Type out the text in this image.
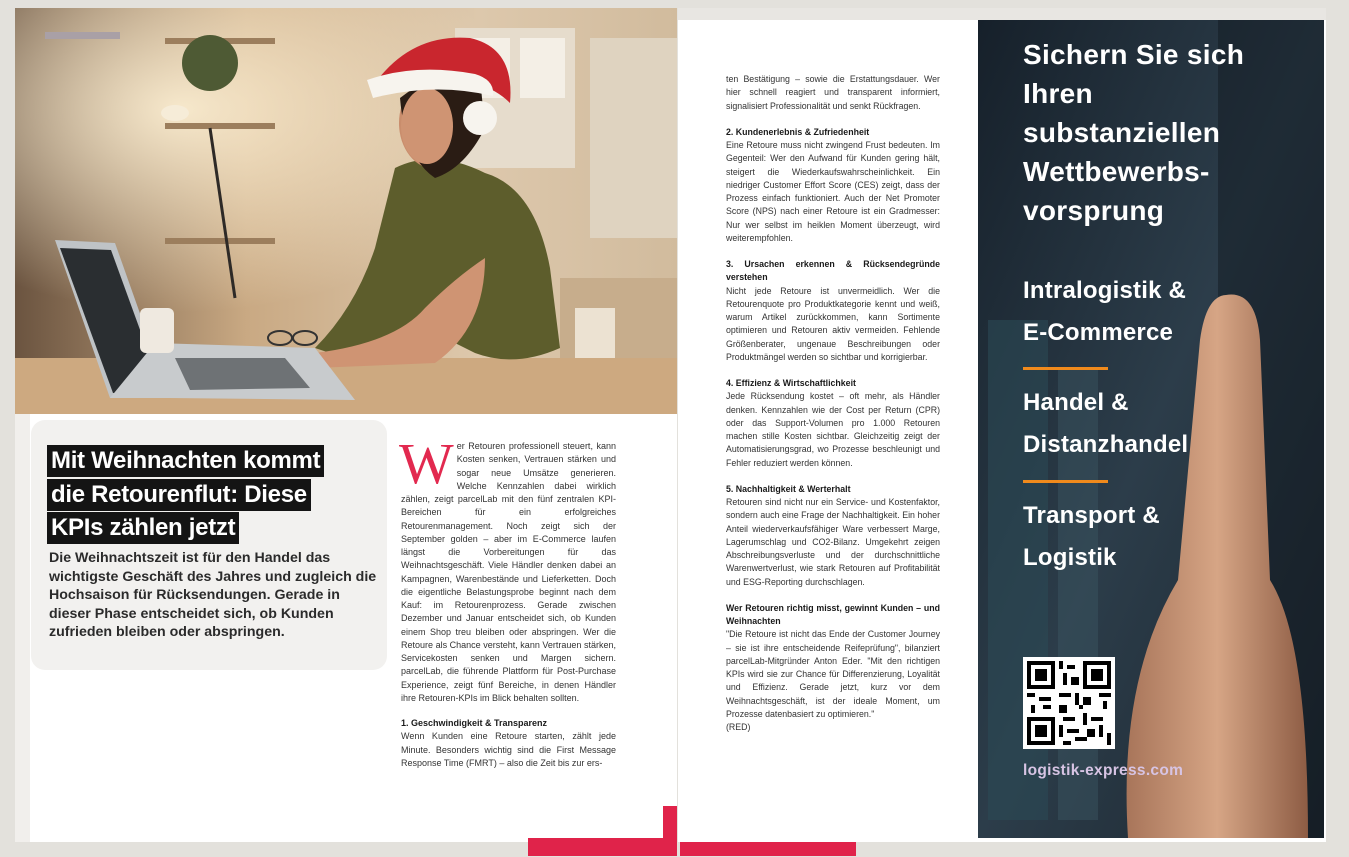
Mit Weihnachten kommt
die Retourenflut: Diese
KPIs zählen jetzt
Die Weihnachtszeit ist für den Handel das wichtigste Geschäft des Jahres und zugleich die Hochsaison für Rücksendungen. Gerade in dieser Phase entscheidet sich, ob Kunden zufrieden bleiben oder abspringen.
Wer Retouren professionell steuert, kann Kosten senken, Vertrauen stärken und sogar neue Umsätze generieren. Welche Kennzahlen dabei wirklich zählen, zeigt parcelLab mit den fünf zentralen KPI-Bereichen für ein erfolgreiches Retourenmanagement. Noch zeigt sich der September golden – aber im E-Commerce laufen längst die Vorbereitungen für das Weihnachtsgeschäft. Viele Händler denken dabei an Kampagnen, Warenbestände und Lieferketten. Doch die eigentliche Belastungsprobe beginnt nach dem Kauf: im Retourenprozess. Gerade zwischen Dezember und Januar entscheidet sich, ob Kunden einem Shop treu bleiben oder abspringen. Wer die Retoure als Chance versteht, kann Vertrauen stärken, Servicekosten senken und Margen sichern. parcelLab, die führende Plattform für Post-Purchase Experience, zeigt fünf Bereiche, in denen Händler ihre Retouren-KPIs im Blick behalten sollten.

1. Geschwindigkeit & Transparenz

Wenn Kunden eine Retoure starten, zählt jede Minute. Besonders wichtig sind die First Message Response Time (FMRT) – also die Zeit bis zur ers-

ten Bestätigung – sowie die Erstattungsdauer. Wer hier schnell reagiert und transparent informiert, signalisiert Professionalität und senkt Rückfragen.

2. Kundenerlebnis & Zufriedenheit

Eine Retoure muss nicht zwingend Frust bedeuten. Im Gegenteil: Wer den Aufwand für Kunden gering hält, steigert die Wiederkaufswahrscheinlichkeit. Ein niedriger Customer Effort Score (CES) zeigt, dass der Prozess einfach funktioniert. Auch der Net Promoter Score (NPS) nach einer Retoure ist ein Gradmesser: Nur wer selbst im heiklen Moment überzeugt, wird weiterempfohlen.

3. Ursachen erkennen & Rücksendegründe verstehen

Nicht jede Retoure ist unvermeidlich. Wer die Retourenquote pro Produktkategorie kennt und weiß, warum Artikel zurückkommen, kann Sortimente optimieren und Retouren aktiv vermeiden. Fehlende Größenberater, ungenaue Beschreibungen oder Produktmängel werden so sichtbar und korrigierbar.

4. Effizienz & Wirtschaftlichkeit

Jede Rücksendung kostet – oft mehr, als Händler denken. Kennzahlen wie der Cost per Return (CPR) oder das Support-Volumen pro 1.000 Retouren machen stille Kosten sichtbar. Gleichzeitig zeigt der Automatisierungsgrad, wo Prozesse beschleunigt und Fehler reduziert werden können.

5. Nachhaltigkeit & Werterhalt

Retouren sind nicht nur ein Service- und Kostenfaktor, sondern auch eine Frage der Nachhaltigkeit. Ein hoher Anteil wiederverkaufsfähiger Ware verbessert Marge, Lagerumschlag und CO2-Bilanz. Umgekehrt zeigen Abschreibungsverluste und der durchschnittliche Warenwertverlust, wie stark Retouren auf Profitabilität und ESG-Reporting durchschlagen.

Wer Retouren richtig misst, gewinnt Kunden – und Weihnachten

"Die Retoure ist nicht das Ende der Customer Journey – sie ist ihre entscheidende Reifeprüfung", bilanziert parcelLab-Mitgründer Anton Eder. "Mit den richtigen KPIs wird sie zur Chance für Differenzierung, Loyalität und Effizienz. Gerade jetzt, kurz vor dem Weihnachtsgeschäft, ist der ideale Moment, um Prozesse datenbasiert zu optimieren."

(RED)

Sichern Sie sich Ihren substanziellen Wettbewerbs-vorsprung
Intralogistik &
E-Commerce
Handel &
Distanzhandel
Transport &
Logistik
logistik-express.com
